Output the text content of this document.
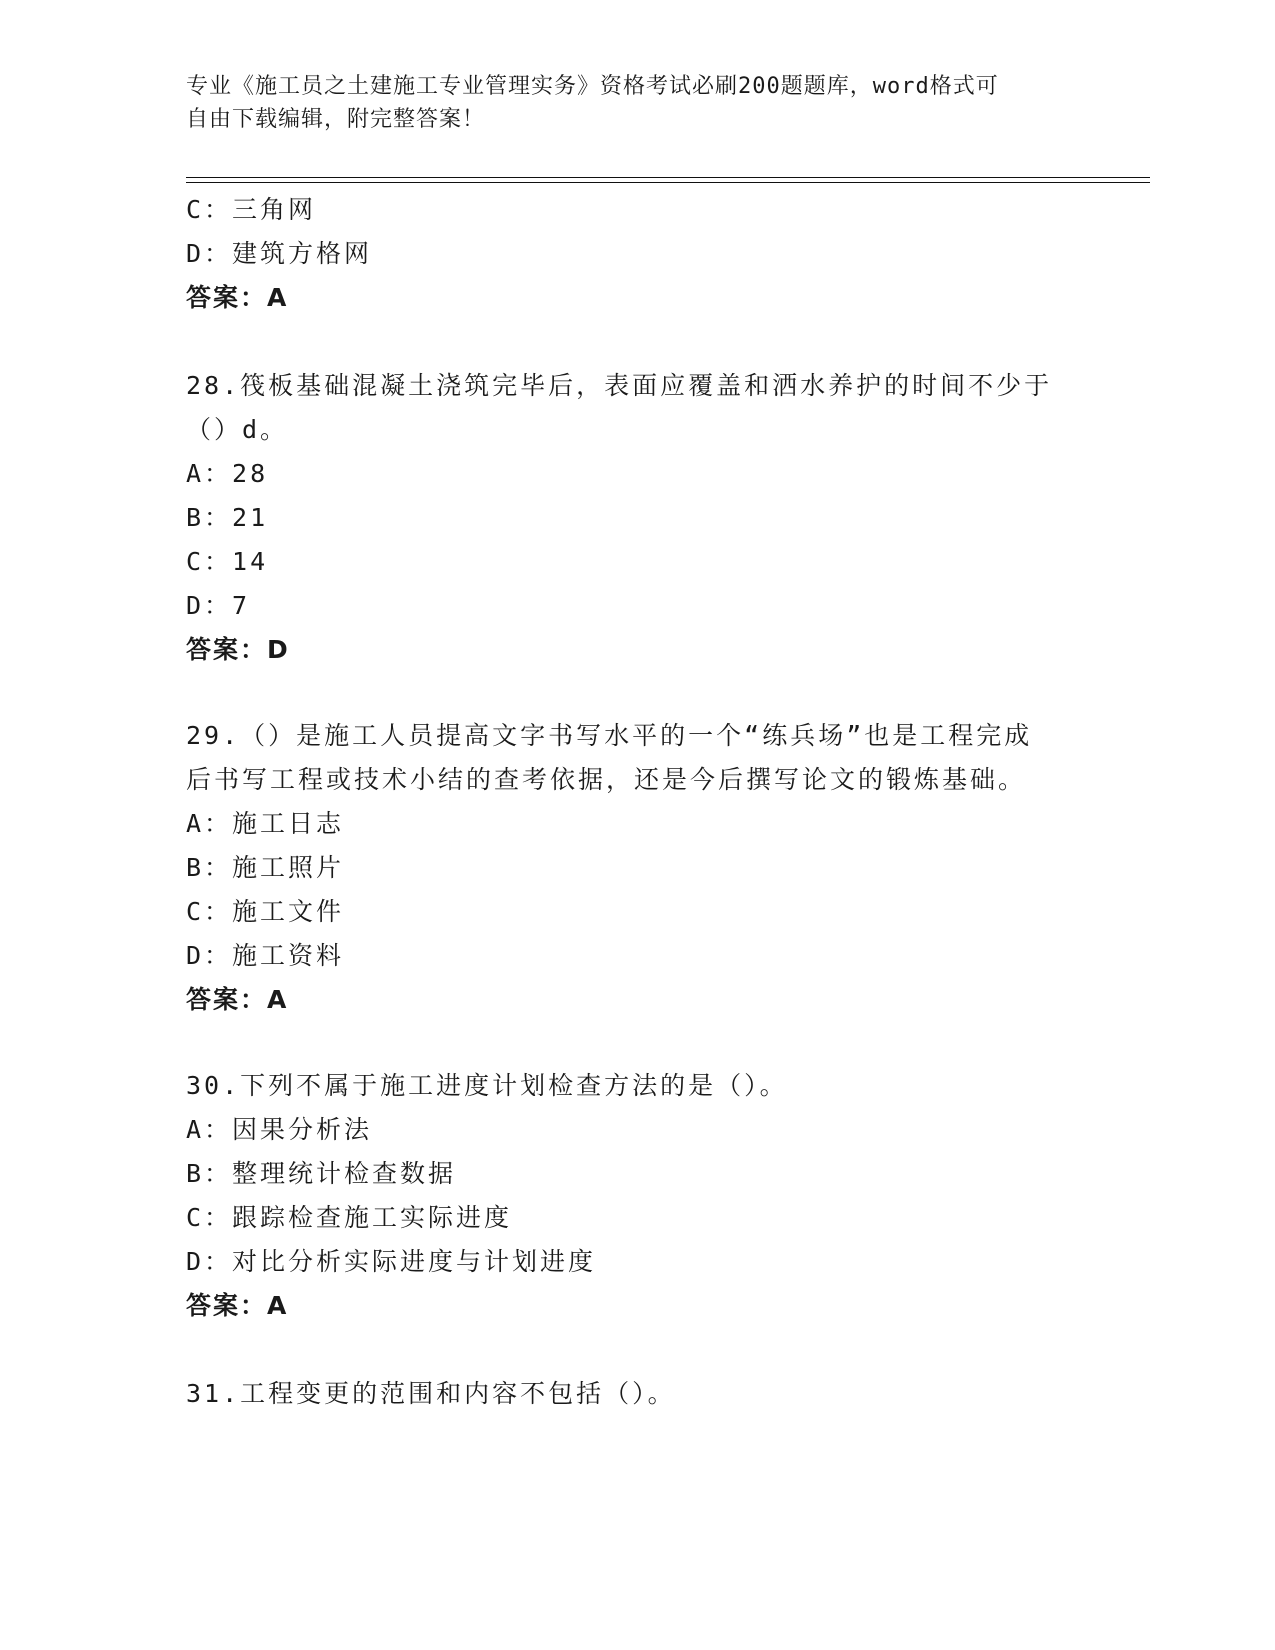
专业《施工员之土建施工专业管理实务》资格考试必刷200题题库，word格式可
自由下载编辑，附完整答案！
C：三角网
D：建筑方格网
答案：A
28.筏板基础混凝土浇筑完毕后，表面应覆盖和洒水养护的时间不少于
（）d。
A：28
B：21
C：14
D：7
答案：D
29.（）是施工人员提高文字书写水平的一个“练兵场”也是工程完成
后书写工程或技术小结的查考依据，还是今后撰写论文的锻炼基础。
A：施工日志
B：施工照片
C：施工文件
D：施工资料
答案：A
30.下列不属于施工进度计划检查方法的是（）。
A：因果分析法
B：整理统计检查数据
C：跟踪检查施工实际进度
D：对比分析实际进度与计划进度
答案：A
31.工程变更的范围和内容不包括（）。
